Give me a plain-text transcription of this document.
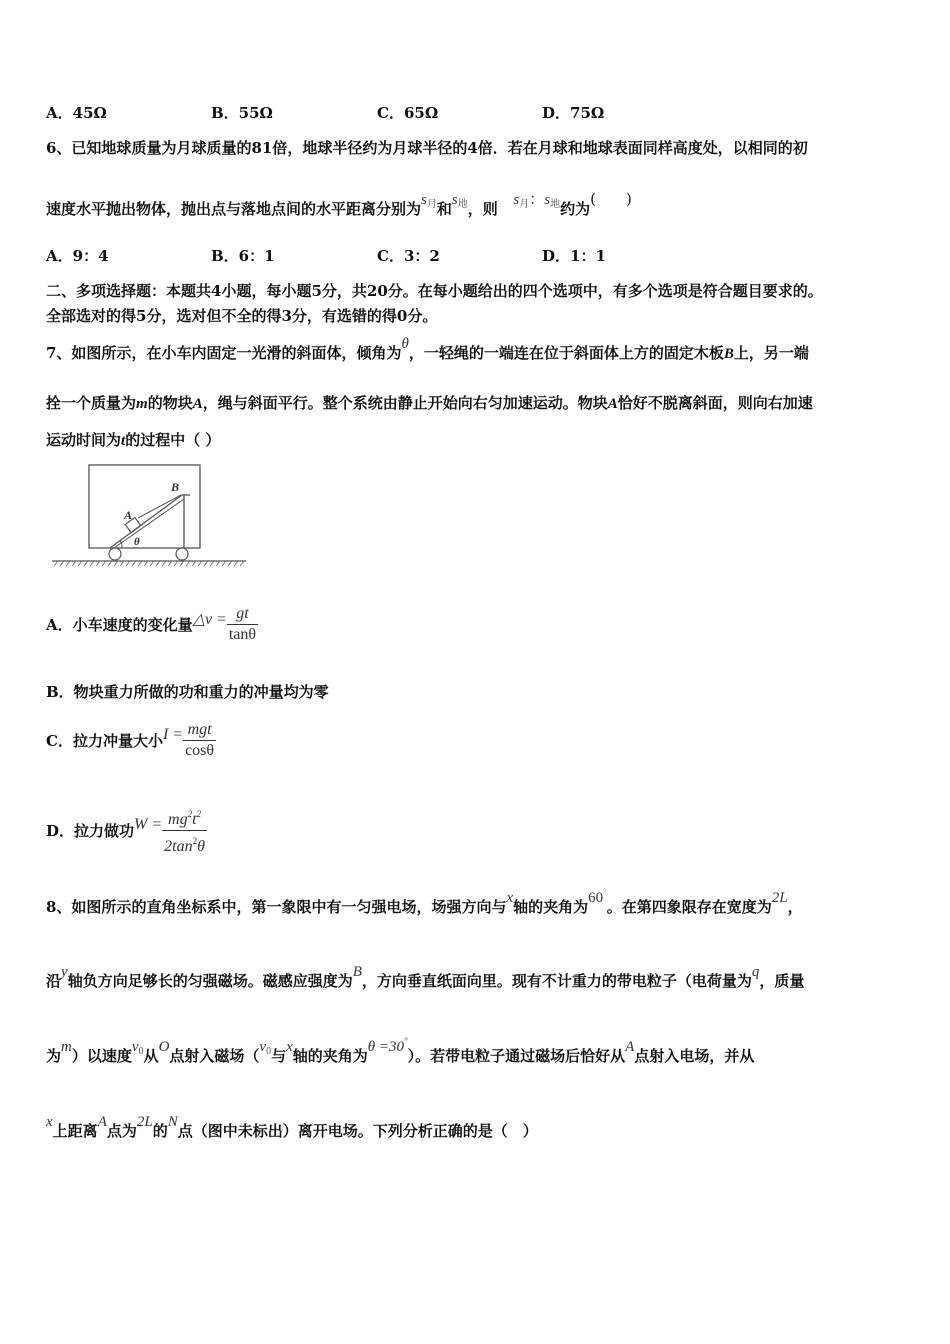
A．45Ω	B．55Ω	C．65Ω	D．75Ω
6、已知地球质量为月球质量的81倍，地球半径约为月球半径的4倍．若在月球和地球表面同样高度处，以相同的初
速度水平抛出物体，抛出点与落地点间的水平距离分别为$s_月$和$s_地$，则 $s_月$：$s_地$约为(　　)
A．9：4	B．6：1	C．3：2	D．1：1
二、多项选择题：本题共4小题，每小题5分，共20分。在每小题给出的四个选项中，有多个选项是符合题目要求的。
全部选对的得5分，选对但不全的得3分，有选错的得0分。
7、如图所示，在小车内固定一光滑的斜面体，倾角为θ，一轻绳的一端连在位于斜面体上方的固定木板B上，另一端
拴一个质量为m的物块A，绳与斜面平行。整个系统由静止开始向右匀加速运动。物块A恰好不脱离斜面，则向右加速
运动时间为t的过程中（ ）
A
B
θ
A．小车速度的变化量△v = $\frac{gt}{\tan\theta}$
B．物块重力所做的功和重力的冲量均为零
C．拉力冲量大小$I = \frac{\text{mgt}}{\cos\theta}$
D．拉力做功$W = \frac{mg^2t^2}{2\tan^2\theta}$
8、如图所示的直角坐标系中，第一象限中有一匀强电场，场强方向与x轴的夹角为60°。在第四象限存在宽度为2L，
沿y轴负方向足够长的匀强磁场。磁感应强度为B，方向垂直纸面向里。现有不计重力的带电粒子（电荷量为q，质量
为m）以速度$v_0$从O点射入磁场（$v_0$与x轴的夹角为θ =30°）。若带电粒子通过磁场后恰好从A点射入电场，并从
x上距离A点为2L的N点（图中未标出）离开电场。下列分析正确的是（　）
